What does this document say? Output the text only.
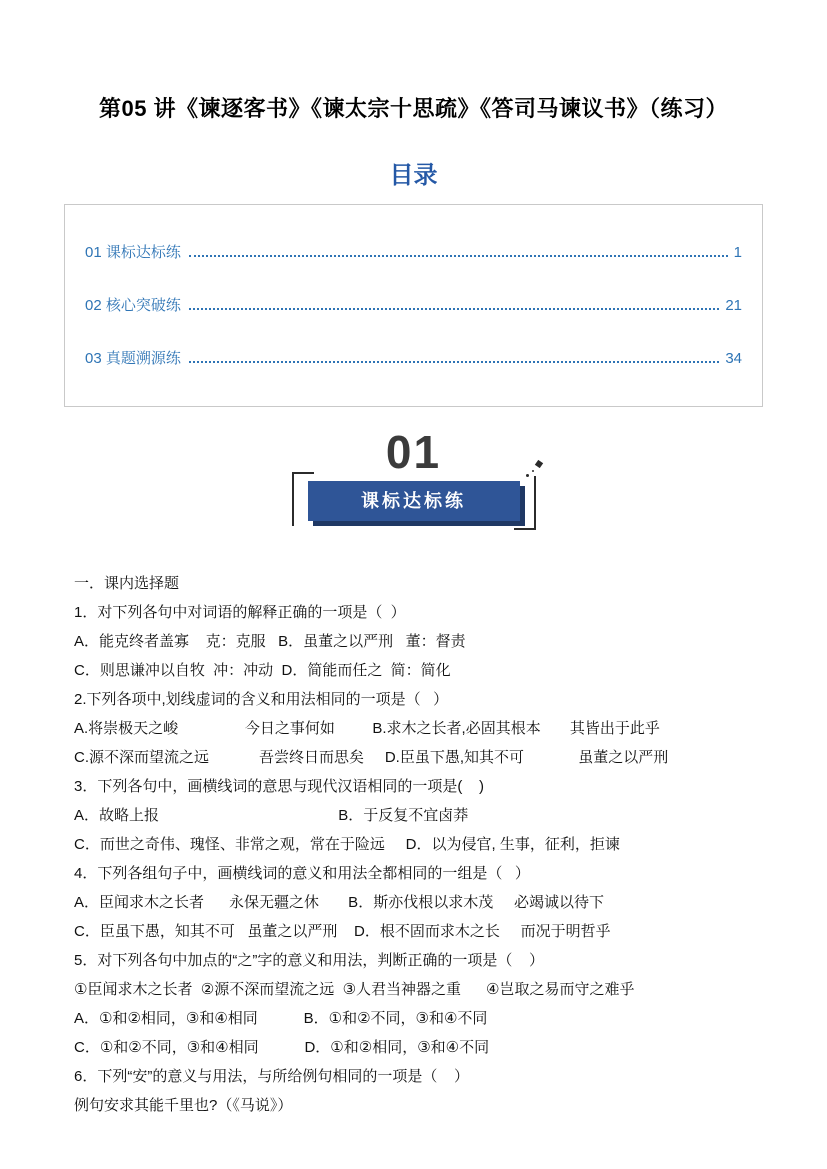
第05 讲《谏逐客书》《谏太宗十思疏》《答司马谏议书》（练习）
目录
01 课标达标练	1
02 核心突破练	21
03 真题溯源练	34
01
课标达标练

一．课内选择题

1．对下列各句中对词语的解释正确的一项是（  ）

A．能克终者盖寡    克：克服   B．虽董之以严刑   董：督责

C．则思谦冲以自牧  冲：冲动  D．简能而任之  简：简化

2.下列各项中,划线虚词的含义和用法相同的一项是（   ）

A.将崇极天之峻                今日之事何如         B.求木之长者,必固其根本       其皆出于此乎

C.源不深而望流之远            吾尝终日而思矣     D.臣虽下愚,知其不可             虽董之以严刑

3．下列各句中，画横线词的意思与现代汉语相同的一项是(    )

A．故略上报                                           B．于反复不宜卤莽

C．而世之奇伟、瑰怪、非常之观，常在于险远     D．以为侵官, 生事，征利，拒谏

4．下列各组句子中，画横线词的意义和用法全都相同的一组是（   ）

A．臣闻求木之长者      永保无疆之休       B．斯亦伐根以求木茂     必竭诚以待下

C．臣虽下愚，知其不可   虽董之以严刑    D．根不固而求木之长     而况于明哲乎

5．对下列各句中加点的“之”字的意义和用法，判断正确的一项是（    ）

①臣闻求木之长者  ②源不深而望流之远  ③人君当神器之重      ④岂取之易而守之难乎

A．①和②相同，③和④相同           B．①和②不同，③和④不同

C．①和②不同，③和④相同           D．①和②相同，③和④不同

6．下列“安”的意义与用法，与所给例句相同的一项是（    ）

例句安求其能千里也?（《马说》）
